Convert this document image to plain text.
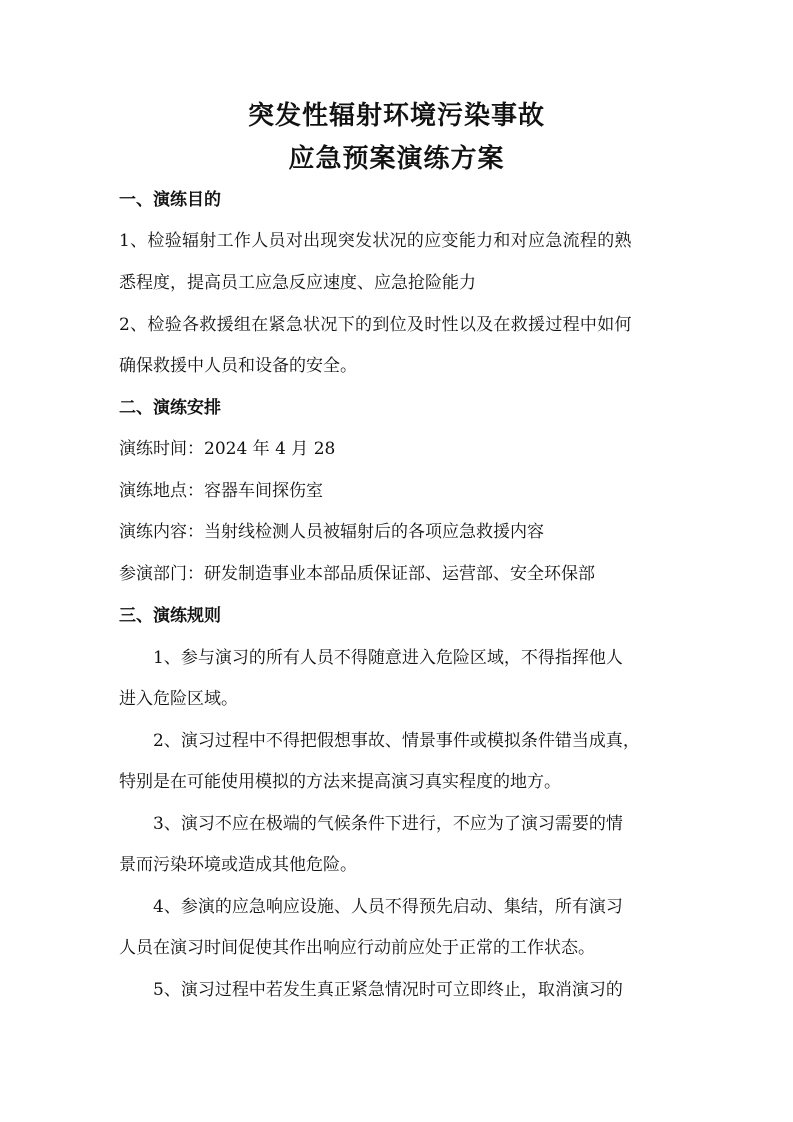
突发性辐射环境污染事故
应急预案演练方案
一、演练目的
1、检验辐射工作人员对出现突发状况的应变能力和对应急流程的熟
悉程度，提高员工应急反应速度、应急抢险能力
2、检验各救援组在紧急状况下的到位及时性以及在救援过程中如何
确保救援中人员和设备的安全。
二、演练安排
演练时间：2024 年 4 月 28
演练地点：容器车间探伤室
演练内容：当射线检测人员被辐射后的各项应急救援内容
参演部门：研发制造事业本部品质保证部、运营部、安全环保部
三、演练规则
1、参与演习的所有人员不得随意进入危险区域，不得指挥他人
进入危险区域。
2、演习过程中不得把假想事故、情景事件或模拟条件错当成真，
特别是在可能使用模拟的方法来提高演习真实程度的地方。
3、演习不应在极端的气候条件下进行，不应为了演习需要的情
景而污染环境或造成其他危险。
4、参演的应急响应设施、人员不得预先启动、集结，所有演习
人员在演习时间促使其作出响应行动前应处于正常的工作状态。
5、演习过程中若发生真正紧急情况时可立即终止，取消演习的
